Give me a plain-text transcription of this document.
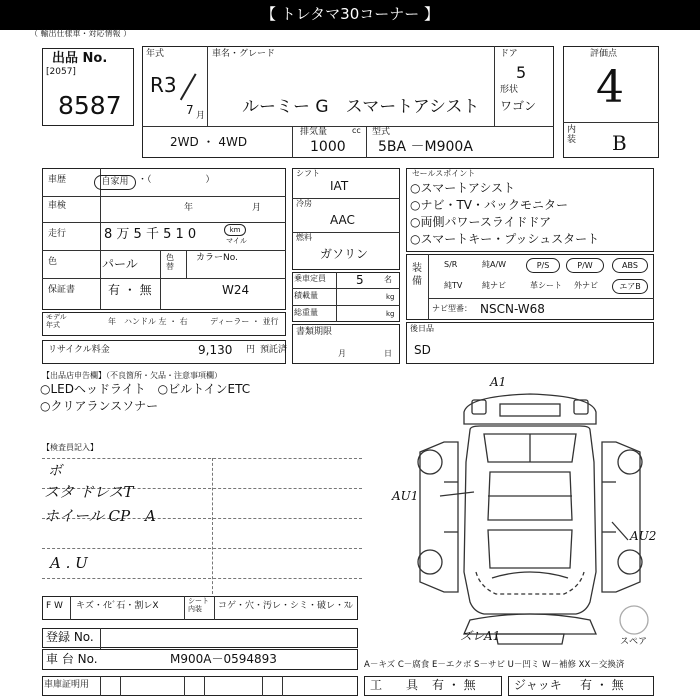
【 トレタマ30コーナー 】
（ 輸出仕様車・対応情報 ）
出品 No.
[2057]
8587
年式
R3
7 月
車名・グレード
ルーミー G　スマートアシスト
ドア
5
形状
ワゴン
2WD ・ 4WD
排気量	cc
1000
型式
5BA －M900A
評価点
4
内装 B
車歴	自家用	・（　　　　　　）
車検	年	月
走行	8 万 5 千 5 1 0	km
マイル
色	パール	色替
カラーNo.
W24
保証書	有 ・ 無
モデル年式	年 ハンドル 左 ・ 右	ディーラー ・ 並行
リサイクル料金	9,130 円 預託済
シフト
IAT
冷房
AAC
燃料
ガソリン
乗車定員	5	名
積載量	kg
総重量	kg
書類期限
月	日
セールスポイント
○スマートアシスト
○ナビ・TV・バックモニター
○両側パワースライドドア
○スマートキー・プッシュスタート
装備
S/R	純A/W	P/S	P/W	ABS
純TV 純ナビ	革シート 外ナビ	エアB
ナビ型番： NSCN-W68
後日品
SD
【出品店申告欄】（不良箇所・欠品・注意事項欄）
○LEDヘッドライト　○ビルトインETC
○クリアランスソナー
【検査員記入】
ボ
スタ ドレスT
ホイール CP　A
A . U
F W キズ・ｲﾋﾞ石・割レX	シート内装	コゲ・穴・汚レ・シミ・破レ・ｽﾚ
登録 No.
車 台 No.	M900A－0594893
車庫証明用	工　　具 有 ・ 無	ジャッキ 有 ・ 無
A－キズ C－腐食 E－エクボ S－サビ U－凹ミ W－補修 XX－交換済
A1
AU1
AU2
ズレA1	スペア
